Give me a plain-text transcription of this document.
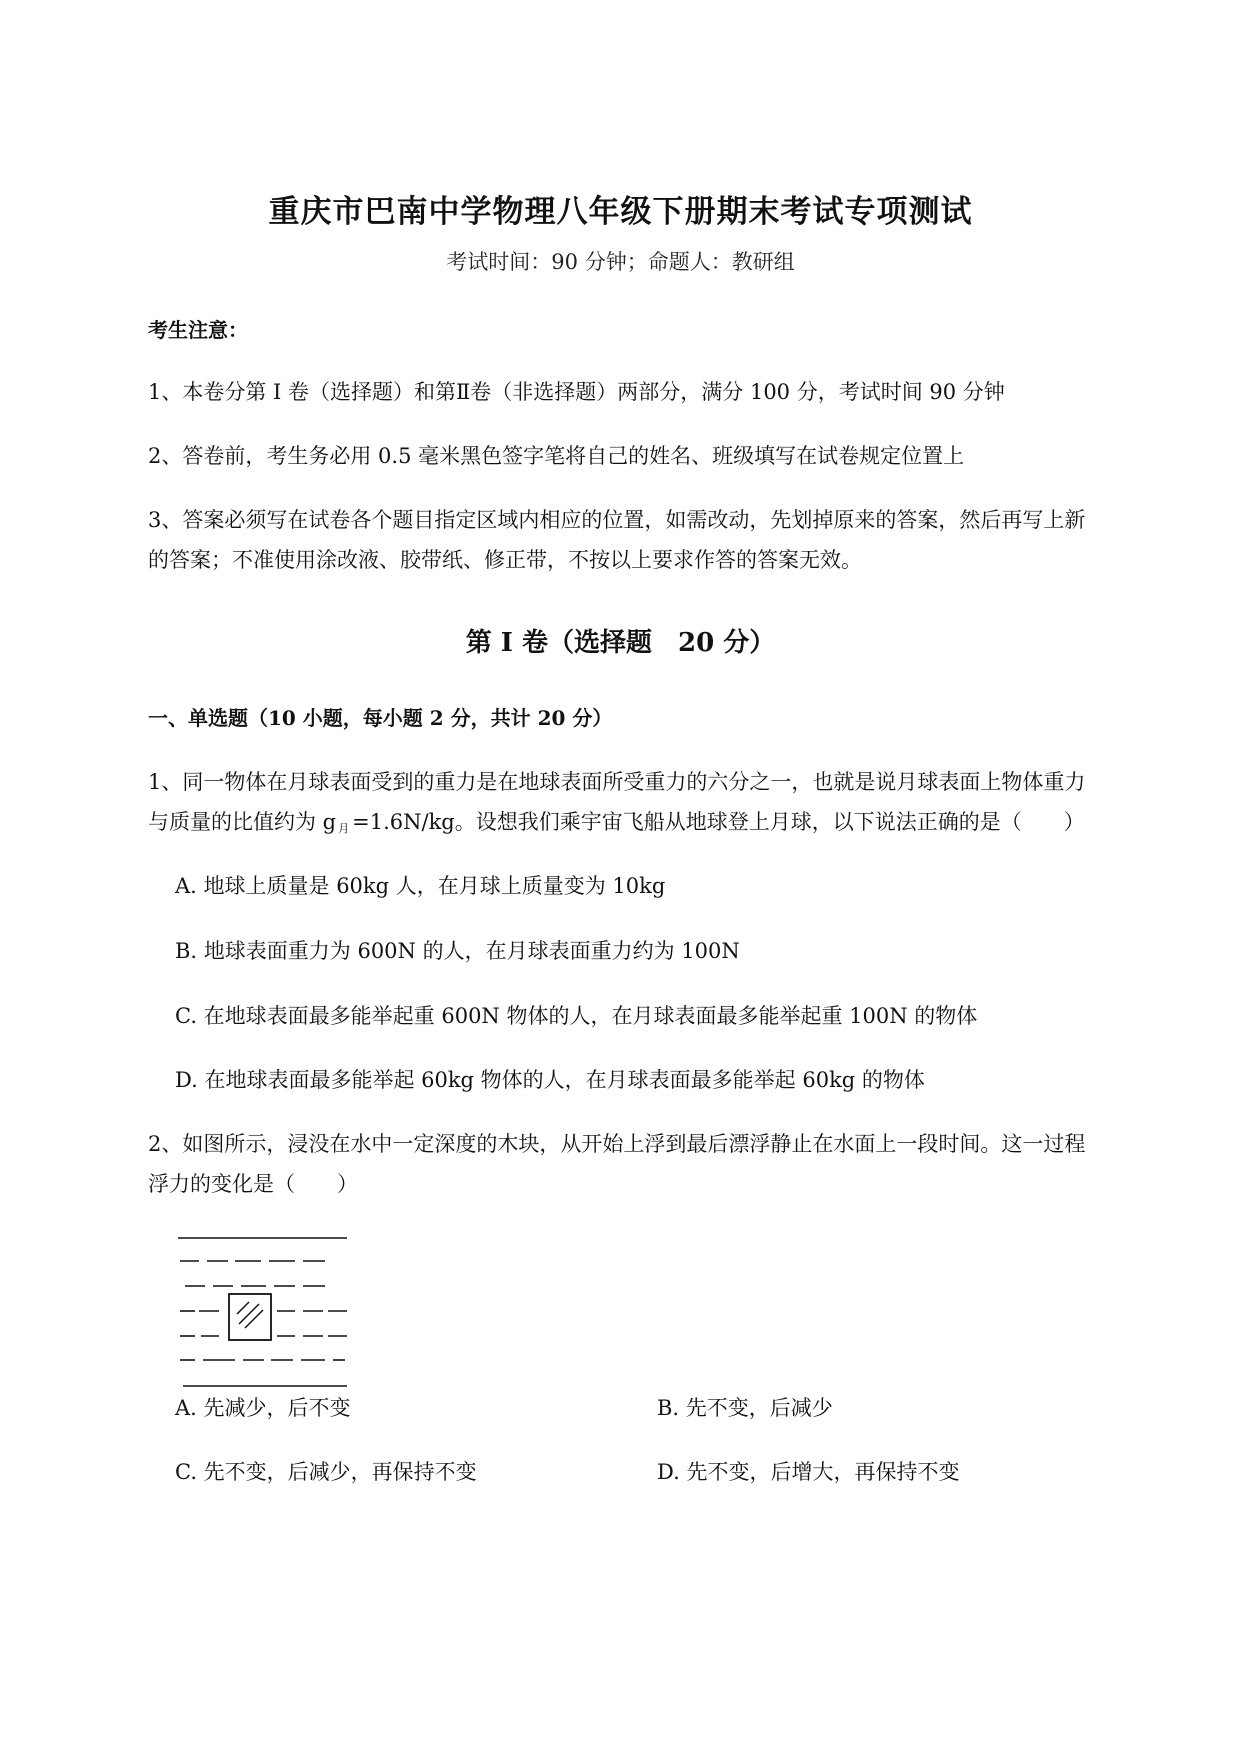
重庆市巴南中学物理八年级下册期末考试专项测试
考试时间：90 分钟；命题人：教研组
考生注意：
1、本卷分第 I 卷（选择题）和第Ⅱ卷（非选择题）两部分，满分 100 分，考试时间 90 分钟
2、答卷前，考生务必用 0.5 毫米黑色签字笔将自己的姓名、班级填写在试卷规定位置上
3、答案必须写在试卷各个题目指定区域内相应的位置，如需改动，先划掉原来的答案，然后再写上新
的答案；不准使用涂改液、胶带纸、修正带，不按以上要求作答的答案无效。
第 I 卷（选择题　20 分）
一、单选题（10 小题，每小题 2 分，共计 20 分）
1、同一物体在月球表面受到的重力是在地球表面所受重力的六分之一，也就是说月球表面上物体重力
与质量的比值约为 g $_月$ =1.6N/kg。设想我们乘宇宙飞船从地球登上月球，以下说法正确的是（　　）
A. 地球上质量是 60kg 人，在月球上质量变为 10kg
B. 地球表面重力为 600N 的人，在月球表面重力约为 100N
C. 在地球表面最多能举起重 600N 物体的人，在月球表面最多能举起重 100N 的物体
D. 在地球表面最多能举起 60kg 物体的人，在月球表面最多能举起 60kg 的物体
2、如图所示，浸没在水中一定深度的木块，从开始上浮到最后漂浮静止在水面上一段时间。这一过程
浮力的变化是（　　）
A. 先减少，后不变	B. 先不变，后减少
C. 先不变，后减少，再保持不变	D. 先不变，后增大，再保持不变
